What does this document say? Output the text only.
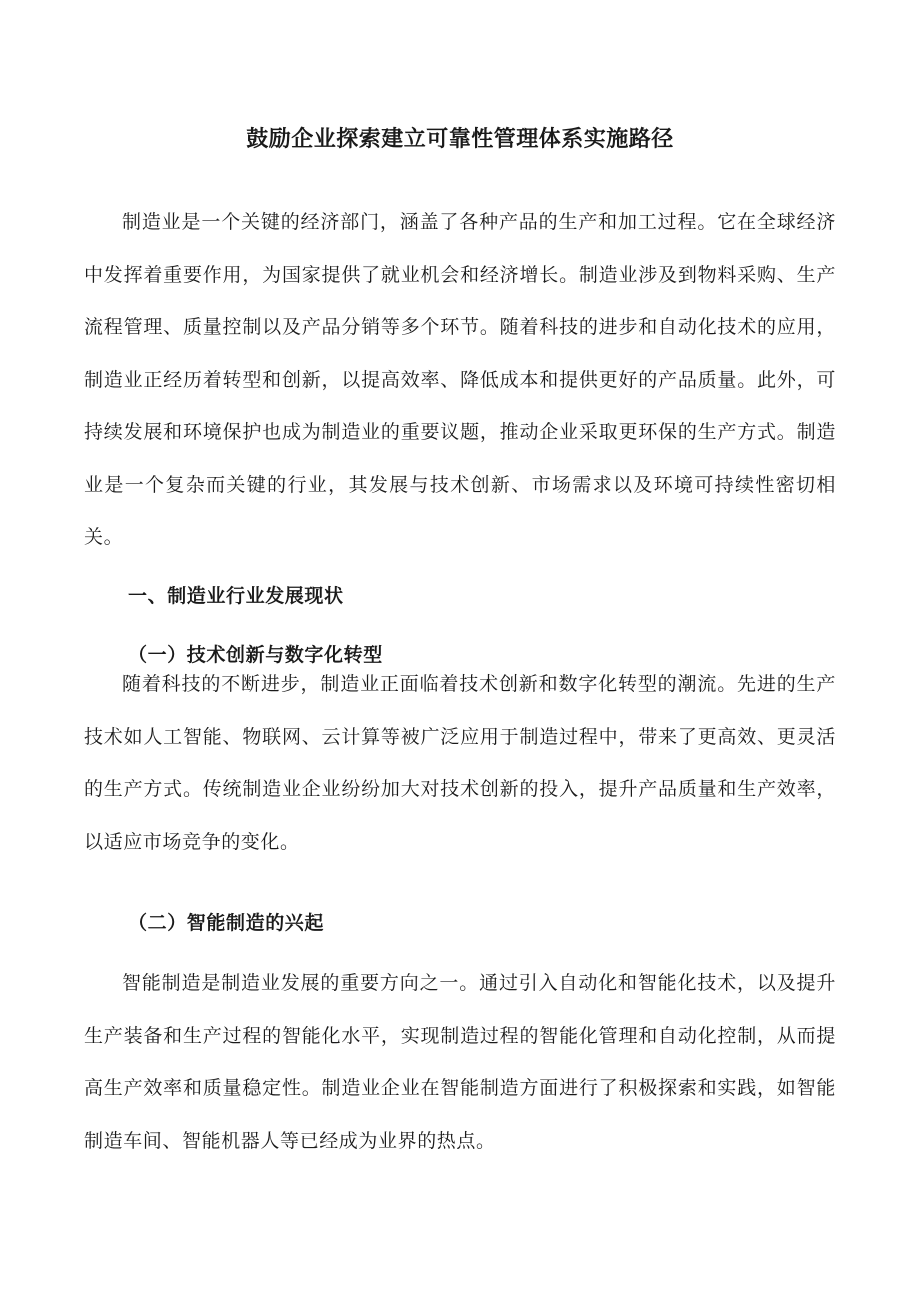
鼓励企业探索建立可靠性管理体系实施路径

制造业是一个关键的经济部门，涵盖了各种产品的生产和加工过程。它在全球经济中发挥着重要作用，为国家提供了就业机会和经济增长。制造业涉及到物料采购、生产流程管理、质量控制以及产品分销等多个环节。随着科技的进步和自动化技术的应用，制造业正经历着转型和创新，以提高效率、降低成本和提供更好的产品质量。此外，可持续发展和环境保护也成为制造业的重要议题，推动企业采取更环保的生产方式。制造业是一个复杂而关键的行业，其发展与技术创新、市场需求以及环境可持续性密切相关。

一、制造业行业发展现状
（一）技术创新与数字化转型

随着科技的不断进步，制造业正面临着技术创新和数字化转型的潮流。先进的生产技术如人工智能、物联网、云计算等被广泛应用于制造过程中，带来了更高效、更灵活的生产方式。传统制造业企业纷纷加大对技术创新的投入，提升产品质量和生产效率，以适应市场竞争的变化。

（二）智能制造的兴起

智能制造是制造业发展的重要方向之一。通过引入自动化和智能化技术，以及提升生产装备和生产过程的智能化水平，实现制造过程的智能化管理和自动化控制，从而提高生产效率和质量稳定性。制造业企业在智能制造方面进行了积极探索和实践，如智能制造车间、智能机器人等已经成为业界的热点。
